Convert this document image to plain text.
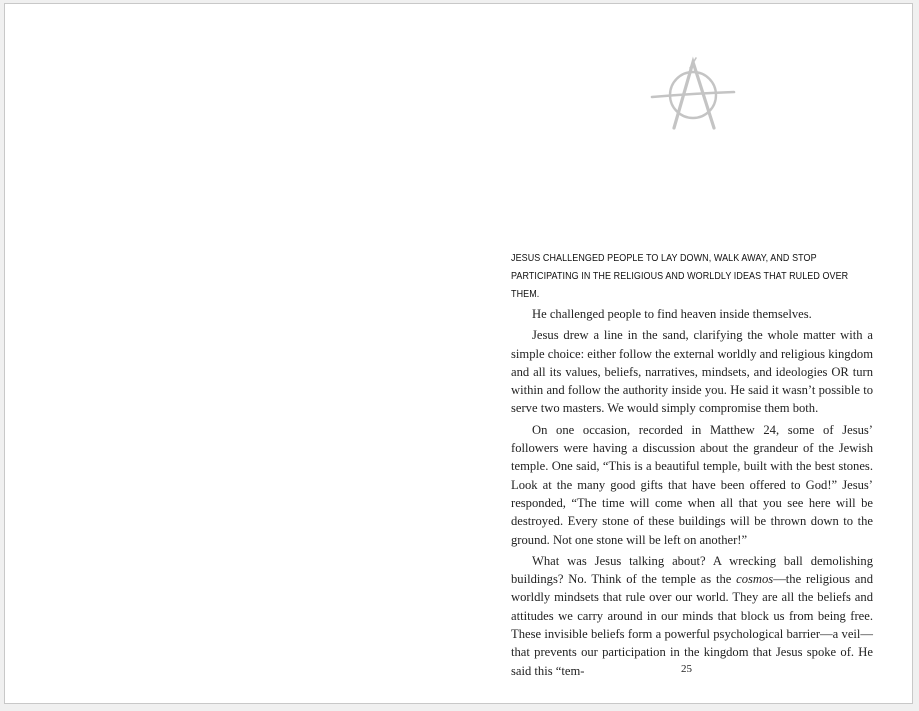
JESUS CHALLENGED PEOPLE TO LAY DOWN, WALK AWAY, AND STOP PARTICIPATING IN THE RELIGIOUS AND WORLDLY IDEAS THAT RULED OVER THEM.

He challenged people to find heaven inside themselves.

Jesus drew a line in the sand, clarifying the whole matter with a simple choice: either follow the external worldly and religious kingdom and all its values, beliefs, narratives, mindsets, and ideologies OR turn within and follow the authority inside you. He said it wasn’t possible to serve two masters. We would simply compromise them both.

On one occasion, recorded in Matthew 24, some of Jesus’ followers were having a discussion about the grandeur of the Jewish temple. One said, “This is a beautiful temple, built with the best stones. Look at the many good gifts that have been offered to God!” Jesus’ responded, “The time will come when all that you see here will be destroyed. Every stone of these buildings will be thrown down to the ground. Not one stone will be left on another!”

What was Jesus talking about? A wrecking ball demolishing buildings? No. Think of the temple as the cosmos—the religious and worldly mindsets that rule over our world. They are all the beliefs and attitudes we carry around in our minds that block us from being free. These invisible beliefs form a powerful psychological barrier—a veil—that prevents our participation in the kingdom that Jesus spoke of. He said this “tem-	25
